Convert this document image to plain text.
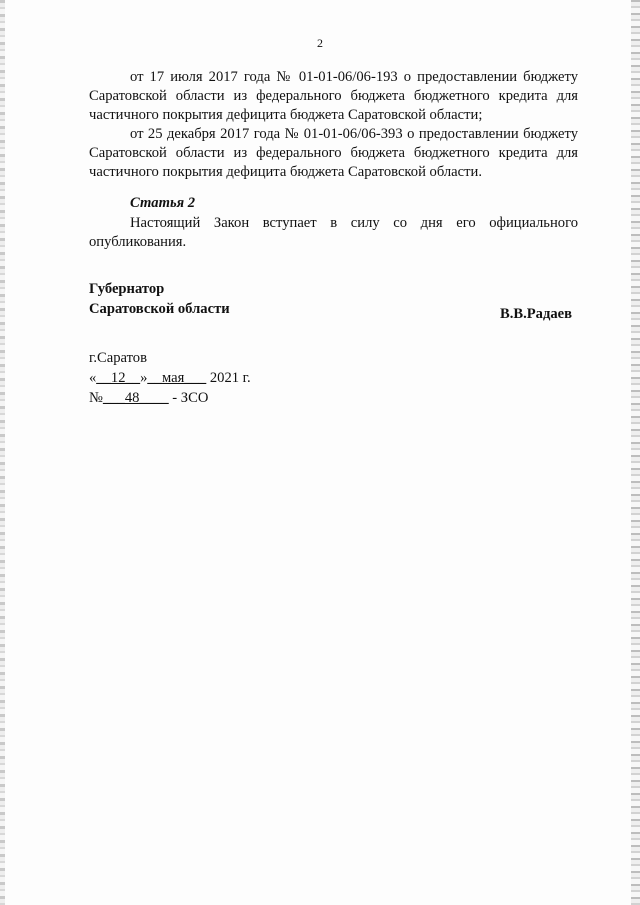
2

от 17 июля 2017 года № 01-01-06/06-193 о предоставлении бюджету Саратовской области из федерального бюджета бюджетного кредита для частичного покрытия дефицита бюджета Саратовской области;

от 25 декабря 2017 года № 01-01-06/06-393 о предоставлении бюджету Саратовской области из федерального бюджета бюджетного кредита для частичного покрытия дефицита бюджета Саратовской области.

Статья 2

Настоящий Закон вступает в силу со дня его официального опубликования.

Губернатор
Саратовской области	В.В.Радаев
г.Саратов
«__12__»__мая___ 2021 г.
№___48____ - ЗСО
